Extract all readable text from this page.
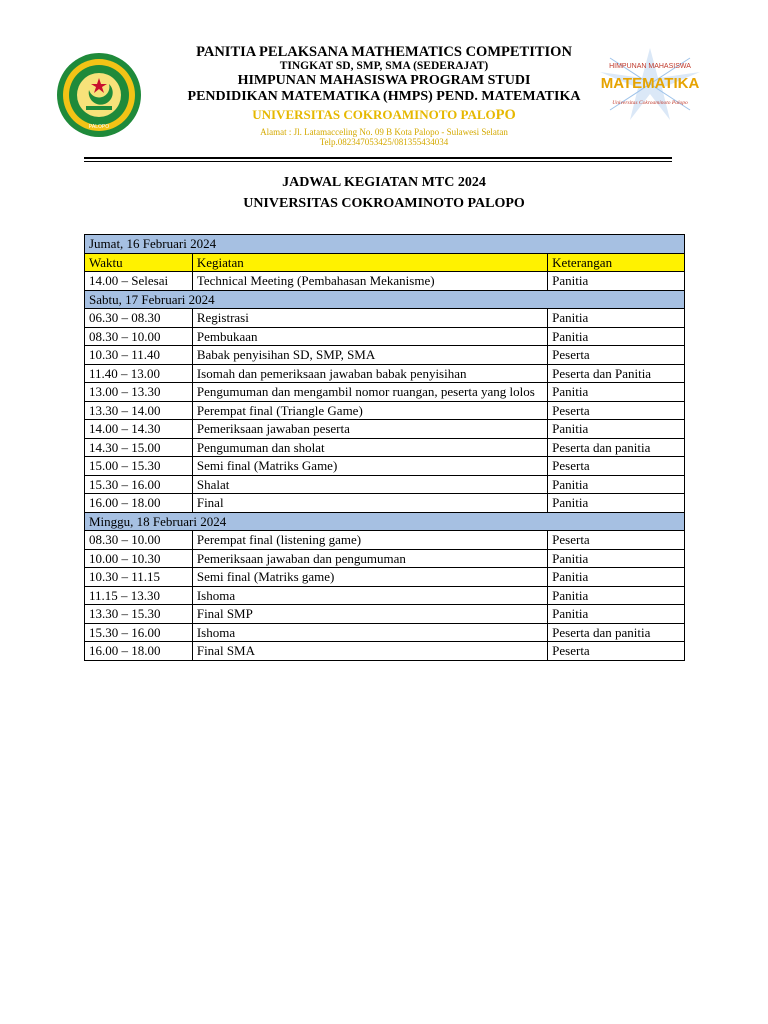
PALOPO
HIMPUNAN MAHASISWA
MATEMATIKA
Universitas Cokroaminoto Palopo
PANITIA PELAKSANA MATHEMATICS COMPETITION
TINGKAT SD, SMP, SMA (SEDERAJAT)
HIMPUNAN MAHASISWA PROGRAM STUDI
PENDIDIKAN MATEMATIKA (HMPS) PEND. MATEMATIKA
UNIVERSITAS COKROAMINOTO PALOPO
Alamat : Jl. Latamacceling No. 09 B Kota Palopo - Sulawesi Selatan
Telp.082347053425/081355434034
JADWAL KEGIATAN MTC 2024
UNIVERSITAS COKROAMINOTO PALOPO
Jumat, 16 Februari 2024		
Waktu	Kegiatan	Keterangan
14.00 – Selesai	Technical Meeting (Pembahasan Mekanisme)	Panitia
Sabtu, 17 Februari 2024		
06.30 – 08.30	Registrasi	Panitia
08.30 – 10.00	Pembukaan	Panitia
10.30 – 11.40	Babak penyisihan SD, SMP, SMA	Peserta
11.40 – 13.00	Isomah dan pemeriksaan jawaban babak penyisihan	Peserta dan Panitia
13.00 – 13.30	Pengumuman dan mengambil nomor ruangan, peserta yang lolos	Panitia
13.30 – 14.00	Perempat final (Triangle Game)	Peserta
14.00 – 14.30	Pemeriksaan jawaban peserta	Panitia
14.30 – 15.00	Pengumuman dan sholat	Peserta dan panitia
15.00 – 15.30	Semi final (Matriks Game)	Peserta
15.30 – 16.00	Shalat	Panitia
16.00 – 18.00	Final	Panitia
Minggu, 18 Februari 2024		
08.30 – 10.00	Perempat final (listening game)	Peserta
10.00 – 10.30	Pemeriksaan jawaban dan pengumuman	Panitia
10.30 – 11.15	Semi final (Matriks game)	Panitia
11.15 – 13.30	Ishoma	Panitia
13.30 – 15.30	Final SMP	Panitia
15.30 – 16.00	Ishoma	Peserta dan panitia
16.00 – 18.00	Final SMA	Peserta
